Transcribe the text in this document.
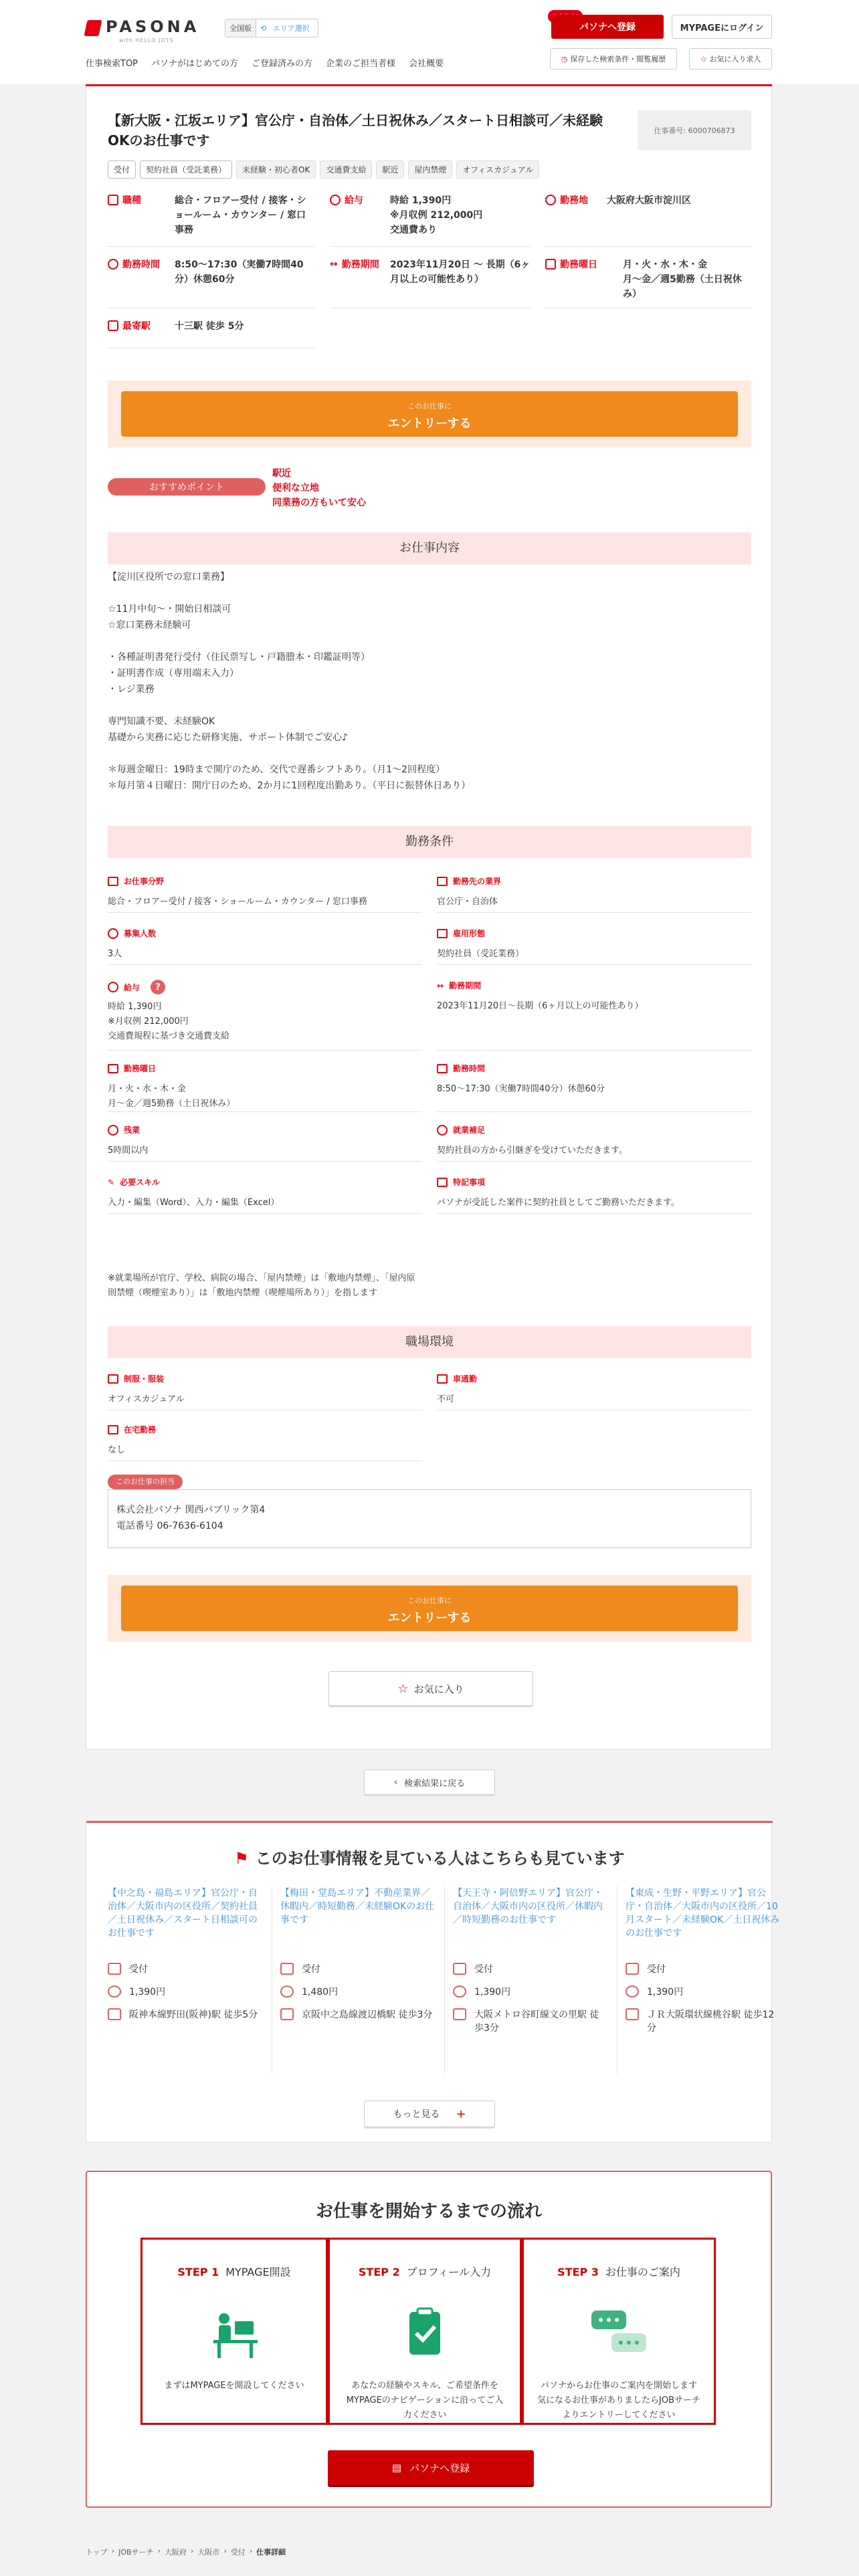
PASONA
with HELLO JOTS
全国版	⟲ エリア選択	パソナへ登録	MYPAGEにログイン
仕事検索TOP パソナがはじめての方 ご登録済みの方 企業のご担当者様 会社概要	◷ 保存した検索条件・閲覧履歴	☆ お気に入り求人
【新大阪・江坂エリア】官公庁・自治体／土日祝休み／スタート日相談可／未経験OKのお仕事です
仕事番号: 6000706873
受付	契約社員（受託業務）	未経験・初心者OK	交通費支給	駅近	屋内禁煙	オフィスカジュアル
職種	総合・フロアー受付 / 接客・ショールーム・カウンター / 窓口事務
給与	時給 1,390円
※月収例 212,000円
交通費あり
勤務地 大阪府大阪市淀川区
勤務時間 8:50〜17:30（実働7時間40分）休憩60分
↔ 勤務期間 2023年11月20日 〜 長期（6ヶ月以上の可能性あり）
勤務曜日	月・火・水・木・金
月〜金／週5勤務（土日祝休み）
最寄駅	十三駅 徒歩 5分
このお仕事に
エントリーする
おすすめポイント
駅近
便利な立地
同業務の方もいて安心
お仕事内容
【淀川区役所での窓口業務】

☆11月中旬〜・開始日相談可
☆窓口業務未経験可

・各種証明書発行受付（住民票写し・戸籍謄本・印鑑証明等）
・証明書作成（専用端末入力）
・レジ業務

専門知識不要、未経験OK
基礎から実務に応じた研修実施、サポート体制でご安心♪

＊毎週金曜日：19時まで開庁のため、交代で遅番シフトあり。（月1〜2回程度）
＊毎月第４日曜日：開庁日のため、2か月に1回程度出勤あり。（平日に振替休日あり）
勤務条件
お仕事分野
総合・フロアー受付 / 接客・ショールーム・カウンター / 窓口事務
勤務先の業界
官公庁・自治体
募集人数
3人
雇用形態
契約社員（受託業務）
給与	?
時給 1,390円
※月収例 212,000円
交通費規程に基づき交通費支給
↔ 勤務期間
2023年11月20日〜長期（6ヶ月以上の可能性あり）
勤務曜日
月・火・水・木・金
月〜金／週5勤務（土日祝休み）
勤務時間
8:50〜17:30（実働7時間40分）休憩60分
残業
5時間以内
就業補足
契約社員の方から引継ぎを受けていただきます。
✎ 必要スキル
入力・編集（Word）、入力・編集（Excel）
特記事項
パソナが受託した案件に契約社員としてご勤務いただきます。
※就業場所が官庁、学校、病院の場合、「屋内禁煙」は「敷地内禁煙」、「屋内原則禁煙（喫煙室あり）」は「敷地内禁煙（喫煙場所あり）」を指します
職場環境
制服・服装
オフィスカジュアル
車通勤
不可
在宅勤務
なし
このお仕事の担当
株式会社パソナ 関西パブリック第4
電話番号 06-7636-6104
このお仕事に
エントリーする
☆ お気に入り
‹ 検索結果に戻る
⚑ このお仕事情報を見ている人はこちらも見ています
【中之島・福島エリア】官公庁・自治体／大阪市内の区役所／契約社員／土日祝休み／スタート日相談可のお仕事です
受付
1,390円
阪神本線野田(阪神)駅 徒歩5分
【梅田・堂島エリア】不動産業界／休暇内／時短勤務／未経験OKのお仕事です
受付
1,480円
京阪中之島線渡辺橋駅 徒歩3分
【天王寺・阿倍野エリア】官公庁・自治体／大阪市内の区役所／休暇内／時短勤務のお仕事です
受付
1,390円
大阪メトロ谷町線文の里駅 徒歩3分
【東成・生野・平野エリア】官公庁・自治体／大阪市内の区役所／10月スタート／未経験OK／土日祝休みのお仕事です
受付
1,390円
ＪＲ大阪環状線桃谷駅 徒歩12分
もっと見る +
お仕事を開始するまでの流れ
STEP 1 MYPAGE開設
まずはMYPAGEを開設してください
STEP 2 プロフィール入力
あなたの経験やスキル、ご希望条件をMYPAGEのナビゲーションに沿ってご入力ください
STEP 3 お仕事のご案内
パソナからお仕事のご案内を開始します気になるお仕事がありましたらJOBサーチよりエントリーしてください
▤ パソナへ登録
トップ › JOBサーチ › 大阪府 › 大阪市 › 受付 › 仕事詳細
